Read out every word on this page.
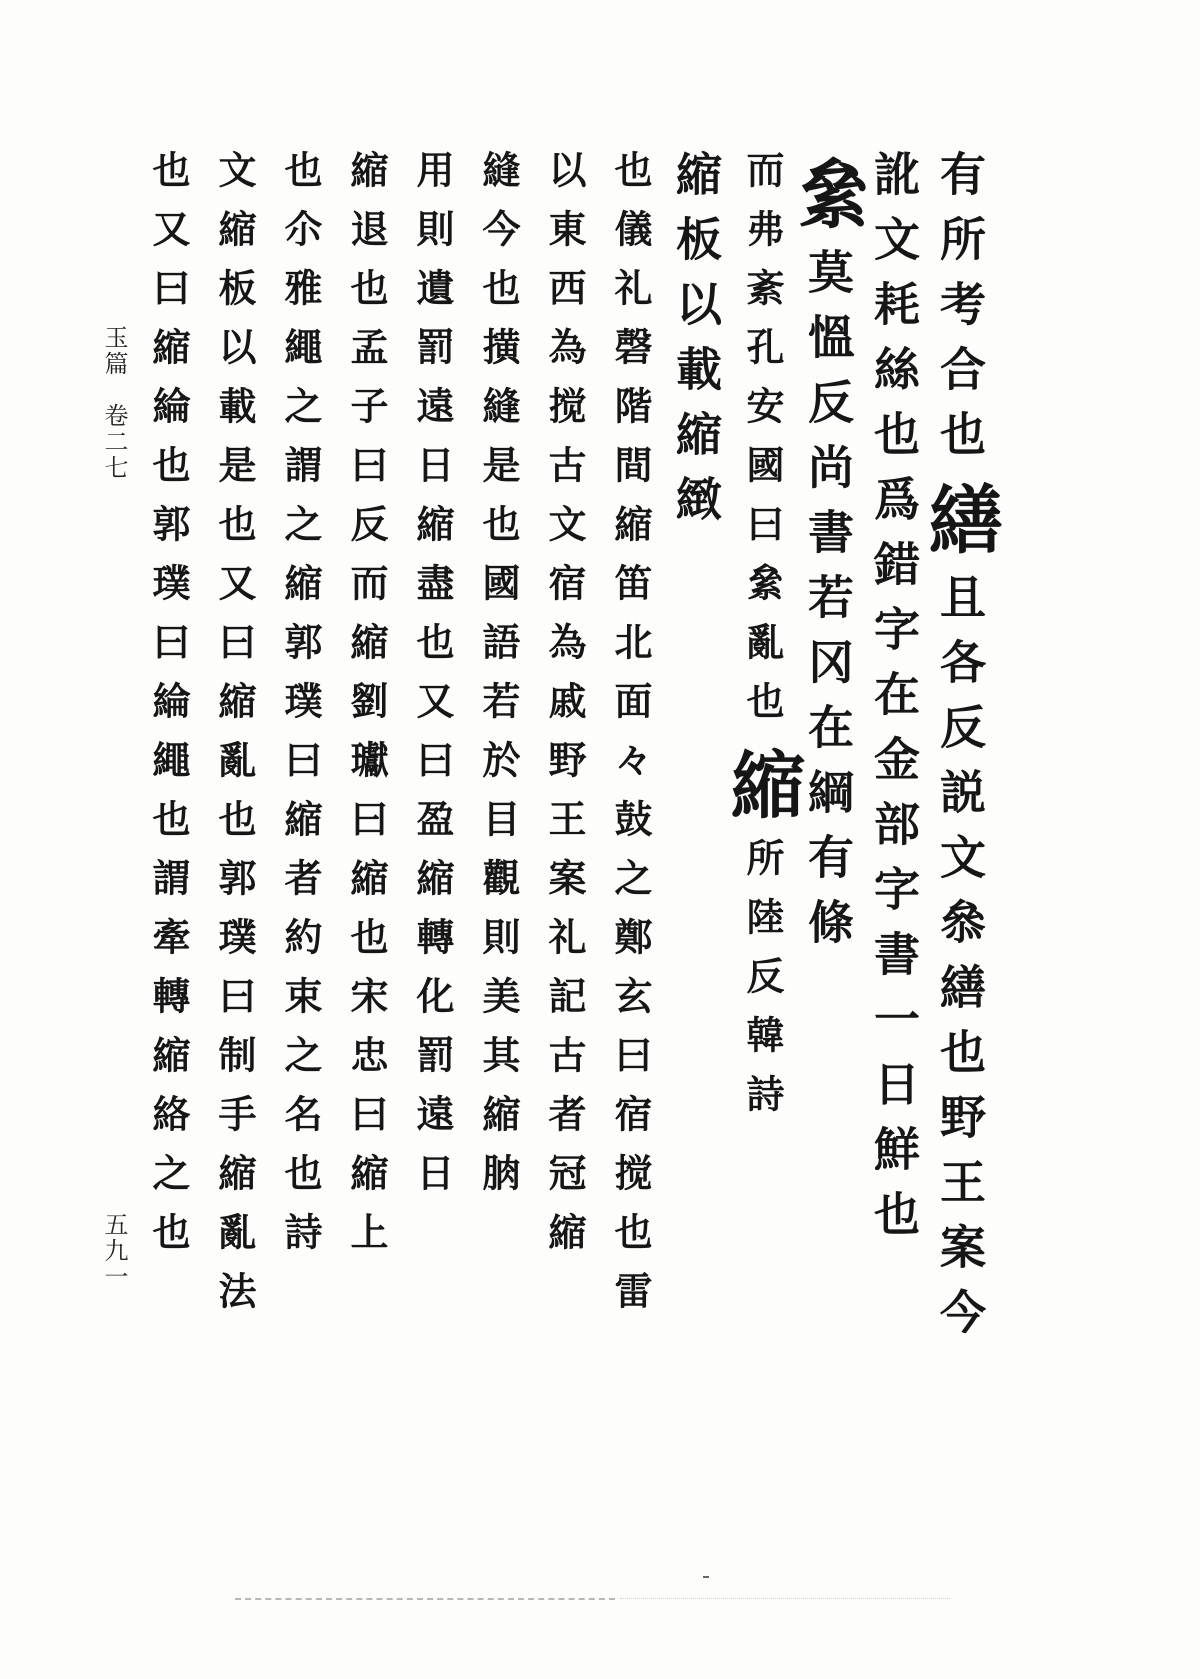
有所考合也
繕
且各反説文叅繕也野王案今
訛文耗絲也
爲錯字在金部字書一日鮮也
絫
莫慍反尚書若冈在綱有條
而弗紊孔安國曰絫亂也
縮
所陸反韓詩
縮板以載縮緻
也儀礼磬階間縮笛北面々鼔之鄭玄曰宿搅也雷
以東西為搅古文宿為戚野王案礼記古者冠縮
縫今也撗縫是也國語若於目觀則美其縮朒
用則遺罰遠日縮盡也又曰盈縮轉化罰遠日
縮退也孟子曰反而縮劉瓛曰縮也宋忠曰縮上
也尒雅繩之謂之縮郭璞曰縮者約束之名也詩
文縮板以載是也又曰縮亂也郭璞曰制手縮亂法
也又曰縮綸也郭璞曰綸繩也謂牽轉縮絡之也
玉篇　卷二七
五九一
